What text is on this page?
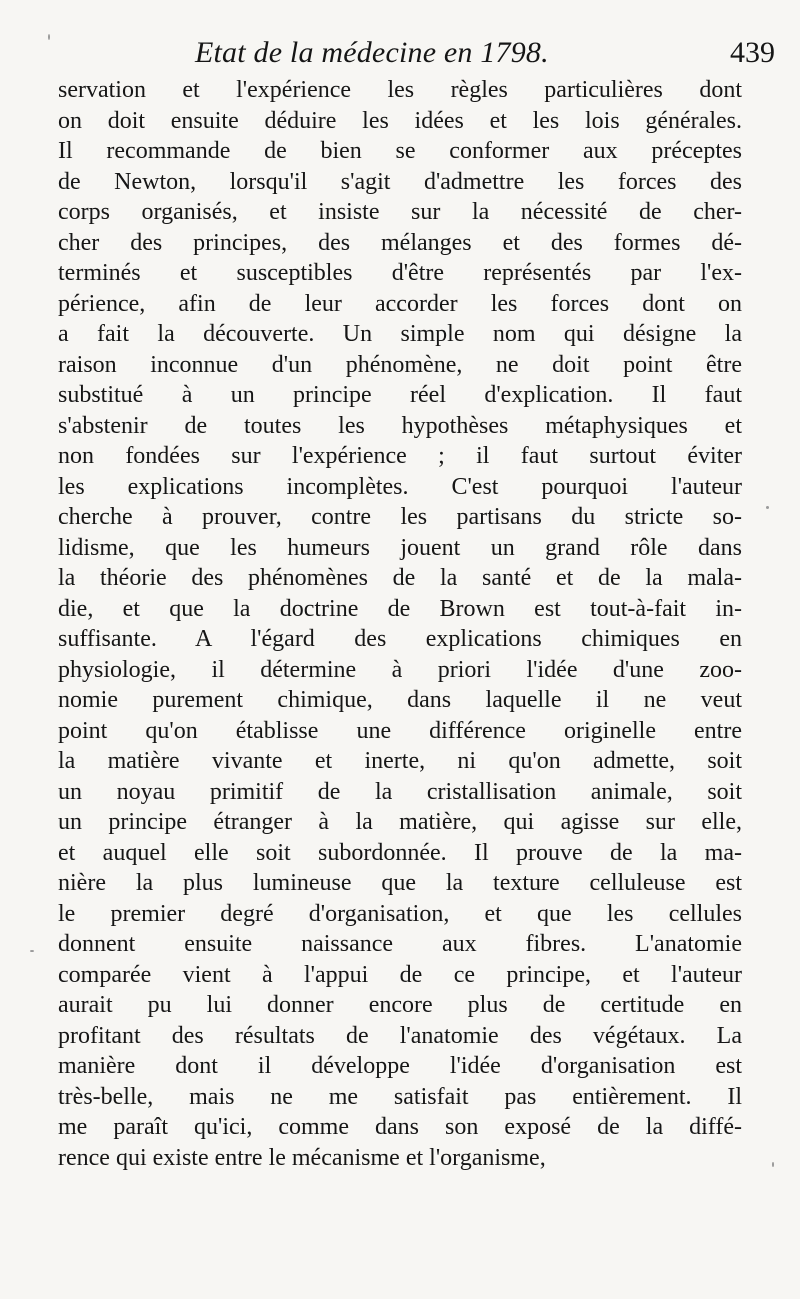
Etat de la médecine en 1798.	439
servation et l'expérience les règles particulières dont
on doit ensuite déduire les idées et les lois générales.
Il recommande de bien se conformer aux préceptes
de Newton, lorsqu'il s'agit d'admettre les forces des
corps organisés, et insiste sur la nécessité de cher-
cher des principes, des mélanges et des formes dé-
terminés et susceptibles d'être représentés par l'ex-
périence, afin de leur accorder les forces dont on
a fait la découverte. Un simple nom qui désigne la
raison inconnue d'un phénomène, ne doit point être
substitué à un principe réel d'explication. Il faut
s'abstenir de toutes les hypothèses métaphysiques et
non fondées sur l'expérience ; il faut surtout éviter
les explications incomplètes. C'est pourquoi l'auteur
cherche à prouver, contre les partisans du stricte so-
lidisme, que les humeurs jouent un grand rôle dans
la théorie des phénomènes de la santé et de la mala-
die, et que la doctrine de Brown est tout-à-fait in-
suffisante. A l'égard des explications chimiques en
physiologie, il détermine à priori l'idée d'une zoo-
nomie purement chimique, dans laquelle il ne veut
point qu'on établisse une différence originelle entre
la matière vivante et inerte, ni qu'on admette, soit
un noyau primitif de la cristallisation animale, soit
un principe étranger à la matière, qui agisse sur elle,
et auquel elle soit subordonnée. Il prouve de la ma-
nière la plus lumineuse que la texture celluleuse est
le premier degré d'organisation, et que les cellules
donnent ensuite naissance aux fibres. L'anatomie
comparée vient à l'appui de ce principe, et l'auteur
aurait pu lui donner encore plus de certitude en
profitant des résultats de l'anatomie des végétaux. La
manière dont il développe l'idée d'organisation est
très-belle, mais ne me satisfait pas entièrement. Il
me paraît qu'ici, comme dans son exposé de la diffé-
rence qui existe entre le mécanisme et l'organisme,
